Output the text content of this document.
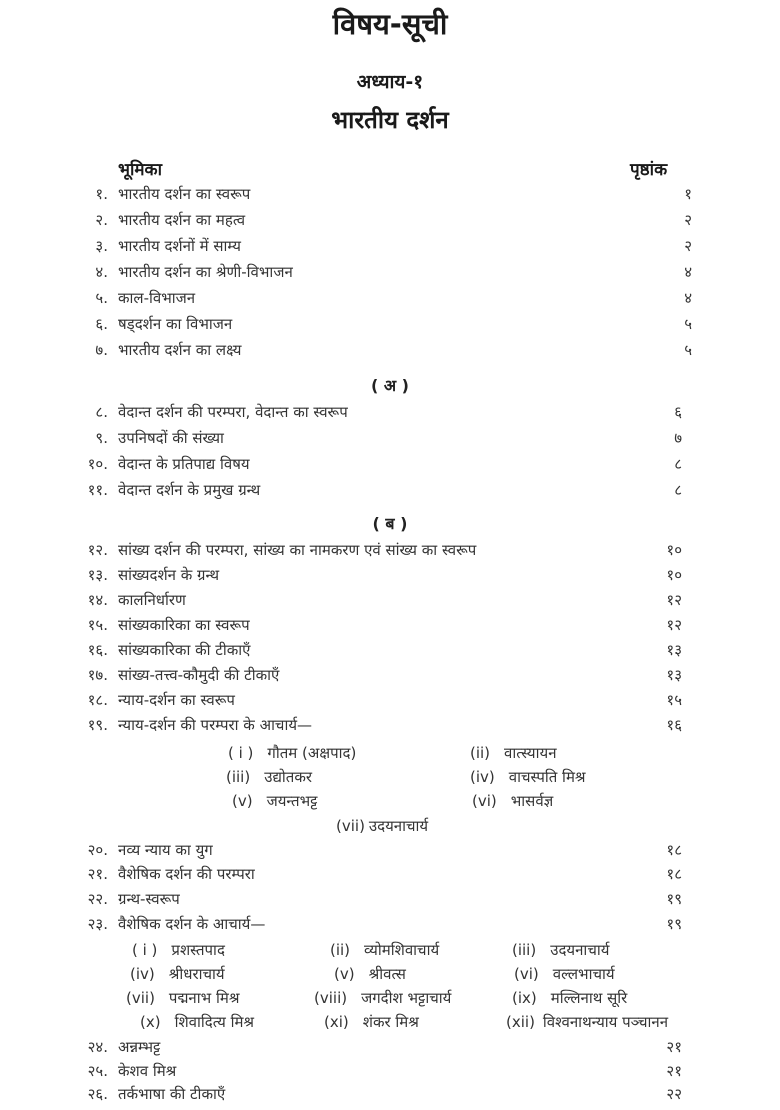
विषय-सूची
अध्याय-१
भारतीय दर्शन
भूमिका	पृष्ठांक
१. भारतीय दर्शन का स्वरूप	१
२. भारतीय दर्शन का महत्व	२
३. भारतीय दर्शनों में साम्य	२
४. भारतीय दर्शन का श्रेणी-विभाजन	४
५. काल-विभाजन	४
६. षड्दर्शन का विभाजन	५
७. भारतीय दर्शन का लक्ष्य	५
( अ )
८. वेदान्त दर्शन की परम्परा, वेदान्त का स्वरूप	६
९. उपनिषदों की संख्या	७
१०. वेदान्त के प्रतिपाद्य विषय	८
११. वेदान्त दर्शन के प्रमुख ग्रन्थ	८
( ब )
१२. सांख्य दर्शन की परम्परा, सांख्य का नामकरण एवं सांख्य का स्वरूप	१०
१३. सांख्यदर्शन के ग्रन्थ	१०
१४. कालनिर्धारण	१२
१५. सांख्यकारिका का स्वरूप	१२
१६. सांख्यकारिका की टीकाएँ	१३
१७. सांख्य-तत्त्व-कौमुदी की टीकाएँ	१३
१८. न्याय-दर्शन का स्वरूप	१५
१९. न्याय-दर्शन की परम्परा के आचार्य—	१६
( i ) गौतम (अक्षपाद)	(ii) वात्स्यायन
(iii) उद्योतकर	(iv) वाचस्पति मिश्र
(v) जयन्तभट्ट	(vi) भासर्वज्ञ
(vii) उदयनाचार्य
२०. नव्य न्याय का युग	१८
२१. वैशेषिक दर्शन की परम्परा	१८
२२. ग्रन्थ-स्वरूप	१९
२३. वैशेषिक दर्शन के आचार्य—	१९
( i ) प्रशस्तपाद	(ii) व्योमशिवाचार्य	(iii) उदयनाचार्य
(iv) श्रीधराचार्य	(v) श्रीवत्स	(vi) वल्लभाचार्य
(vii) पद्मनाभ मिश्र	(viii) जगदीश भट्टाचार्य	(ix) मल्लिनाथ सूरि
(x) शिवादित्य मिश्र	(xi) शंकर मिश्र	(xii) विश्वनाथन्याय पञ्चानन
२४. अन्नम्भट्ट	२१
२५. केशव मिश्र	२१
२६. तर्कभाषा की टीकाएँ	२२
